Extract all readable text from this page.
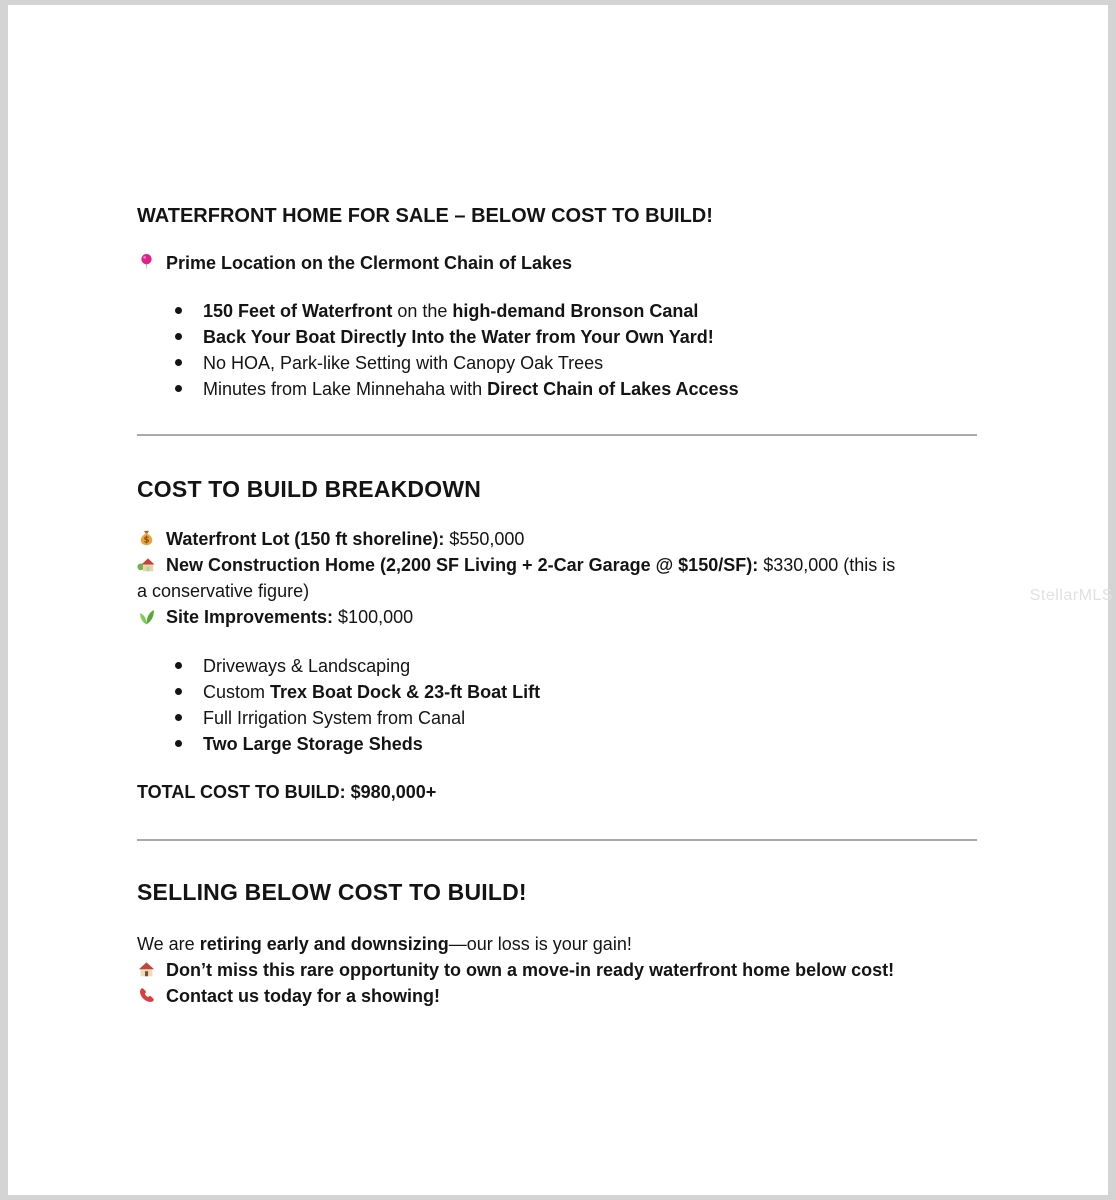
WATERFRONT HOME FOR SALE – BELOW COST TO BUILD!
Prime Location on the Clermont Chain of Lakes
150 Feet of Waterfront on the high-demand Bronson Canal
Back Your Boat Directly Into the Water from Your Own Yard!
No HOA, Park-like Setting with Canopy Oak Trees
Minutes from Lake Minnehaha with Direct Chain of Lakes Access
COST TO BUILD BREAKDOWN
$ Waterfront Lot (150 ft shoreline): $550,000
New Construction Home (2,200 SF Living + 2-Car Garage @ $150/SF): $330,000 (this is
a conservative figure)
Site Improvements: $100,000
Driveways & Landscaping
Custom Trex Boat Dock & 23-ft Boat Lift
Full Irrigation System from Canal
Two Large Storage Sheds
TOTAL COST TO BUILD: $980,000+
SELLING BELOW COST TO BUILD!
We are retiring early and downsizing—our loss is your gain!
Don’t miss this rare opportunity to own a move-in ready waterfront home below cost!
Contact us today for a showing!
StellarMLS
